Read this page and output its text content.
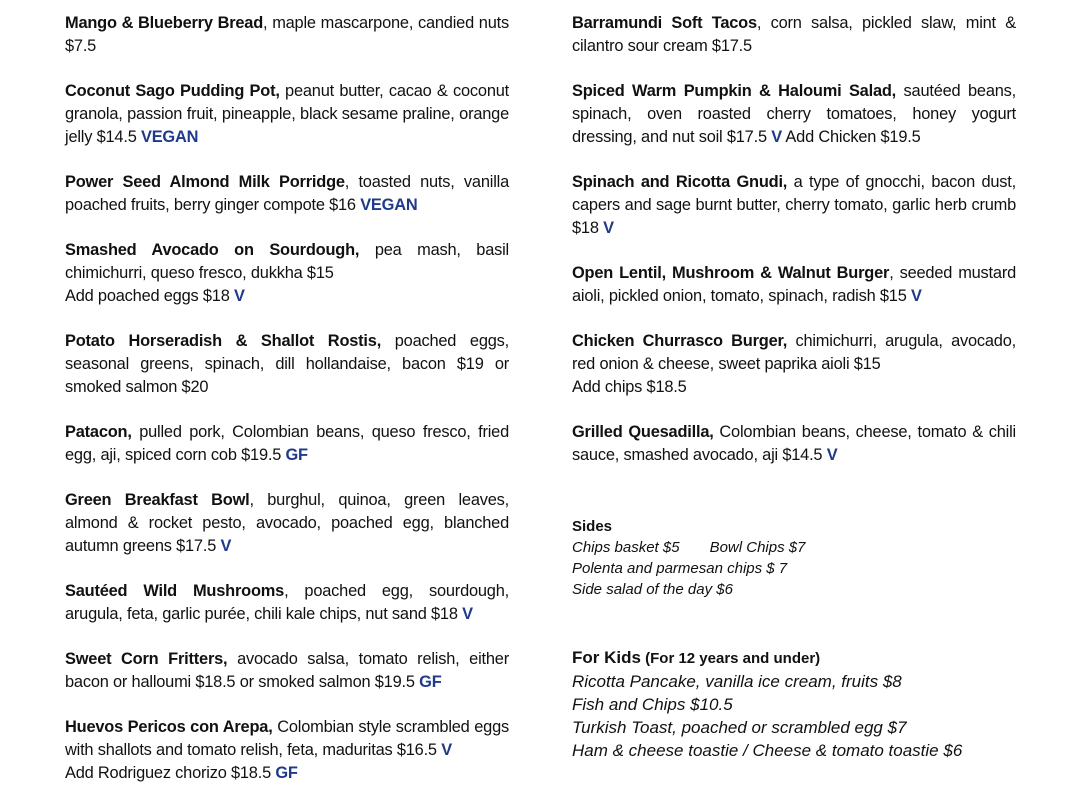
Mango & Blueberry Bread, maple mascarpone, candied nuts $7.5

Coconut Sago Pudding Pot, peanut butter, cacao & coconut granola, passion fruit, pineapple, black sesame praline, orange jelly $14.5 VEGAN

Power Seed Almond Milk Porridge, toasted nuts, vanilla poached fruits, berry ginger compote $16 VEGAN

Smashed Avocado on Sourdough, pea mash, basil chimichurri, queso fresco, dukkha $15
Add poached eggs $18 V

Potato Horseradish & Shallot Rostis, poached eggs, seasonal greens, spinach, dill hollandaise, bacon $19 or smoked salmon $20

Patacon, pulled pork, Colombian beans, queso fresco, fried egg, aji, spiced corn cob $19.5 GF

Green Breakfast Bowl, burghul, quinoa, green leaves, almond & rocket pesto, avocado, poached egg, blanched autumn greens $17.5 V

Sautéed Wild Mushrooms, poached egg, sourdough, arugula, feta, garlic purée, chili kale chips, nut sand $18 V

Sweet Corn Fritters, avocado salsa, tomato relish, either bacon or halloumi $18.5 or smoked salmon $19.5 GF

Huevos Pericos con Arepa, Colombian style scrambled eggs with shallots and tomato relish, feta, maduritas $16.5 V
Add Rodriguez chorizo $18.5 GF

Barramundi Soft Tacos, corn salsa, pickled slaw, mint & cilantro sour cream $17.5

Spiced Warm Pumpkin & Haloumi Salad, sautéed beans, spinach, oven roasted cherry tomatoes, honey yogurt dressing, and nut soil $17.5 V Add Chicken $19.5

Spinach and Ricotta Gnudi, a type of gnocchi, bacon dust, capers and sage burnt butter, cherry tomato, garlic herb crumb $18 V

Open Lentil, Mushroom & Walnut Burger, seeded mustard aioli, pickled onion, tomato, spinach, radish $15 V

Chicken Churrasco Burger, chimichurri, arugula, avocado, red onion & cheese, sweet paprika aioli $15
Add chips $18.5

Grilled Quesadilla, Colombian beans, cheese, tomato & chili sauce, smashed avocado, aji $14.5 V

Sides
Chips basket $5 Bowl Chips $7
Polenta and parmesan chips $ 7
Side salad of the day $6
For Kids (For 12 years and under)
Ricotta Pancake, vanilla ice cream, fruits $8
Fish and Chips $10.5
Turkish Toast, poached or scrambled egg $7
Ham & cheese toastie / Cheese & tomato toastie $6
